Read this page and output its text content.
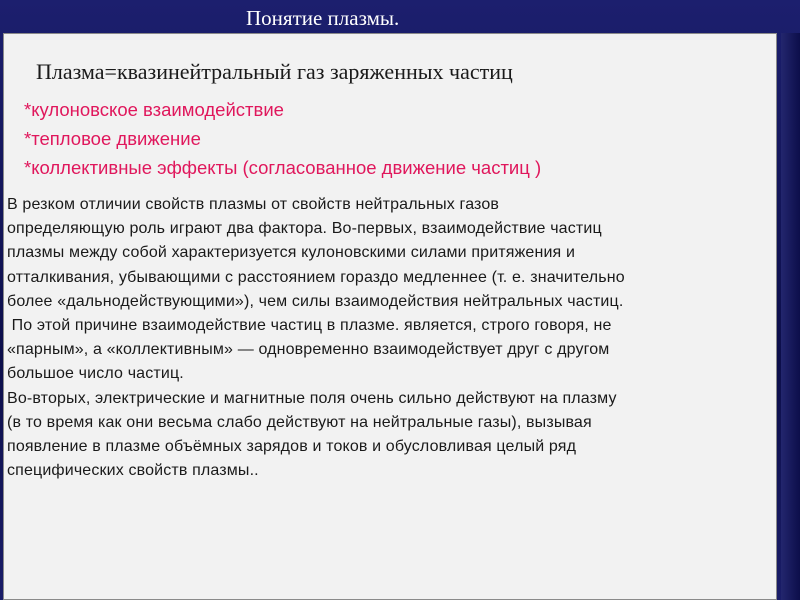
Понятие плазмы.
Плазма=квазинейтральный газ заряженных частиц
*кулоновское взаимодействие
*тепловое движение
*коллективные эффекты (согласованное движение частиц )
В резком отличии свойств плазмы от свойств нейтральных газов
определяющую роль играют два фактора. Во-первых, взаимодействие частиц
плазмы между собой характеризуется кулоновскими силами притяжения и
отталкивания, убывающими с расстоянием гораздо медленнее (т. е. значительно
более «дальнодействующими»), чем силы взаимодействия нейтральных частиц.
По этой причине взаимодействие частиц в плазме. является, строго говоря, не
«парным», а «коллективным» — одновременно взаимодействует друг с другом
большое число частиц.
Во-вторых, электрические и магнитные поля очень сильно действуют на плазму
(в то время как они весьма слабо действуют на нейтральные газы), вызывая
появление в плазме объёмных зарядов и токов и обусловливая целый ряд
специфических свойств плазмы..
